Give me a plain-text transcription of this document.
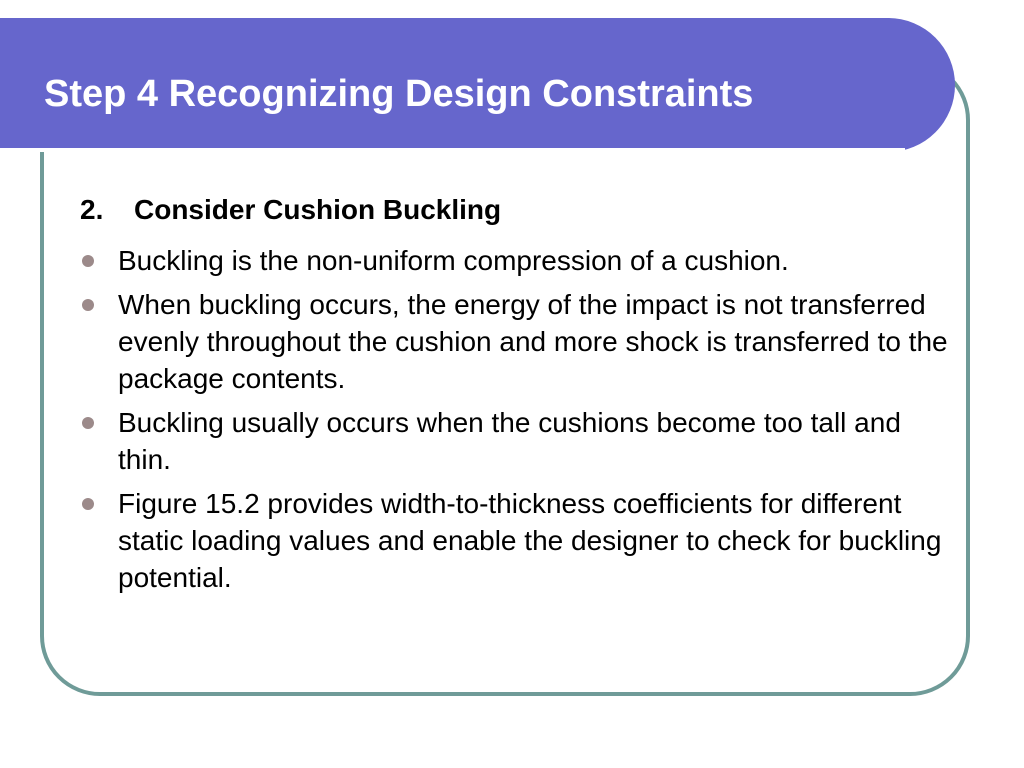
Step 4 Recognizing Design Constraints
2. Consider Cushion Buckling
Buckling is the non-uniform compression of a cushion.
When buckling occurs, the energy of the impact is not transferred evenly throughout the cushion and more shock is transferred to the package contents.
Buckling usually occurs when the cushions become too tall and thin.
Figure 15.2 provides width-to-thickness coefficients for different static loading values and enable the designer to check for buckling potential.
